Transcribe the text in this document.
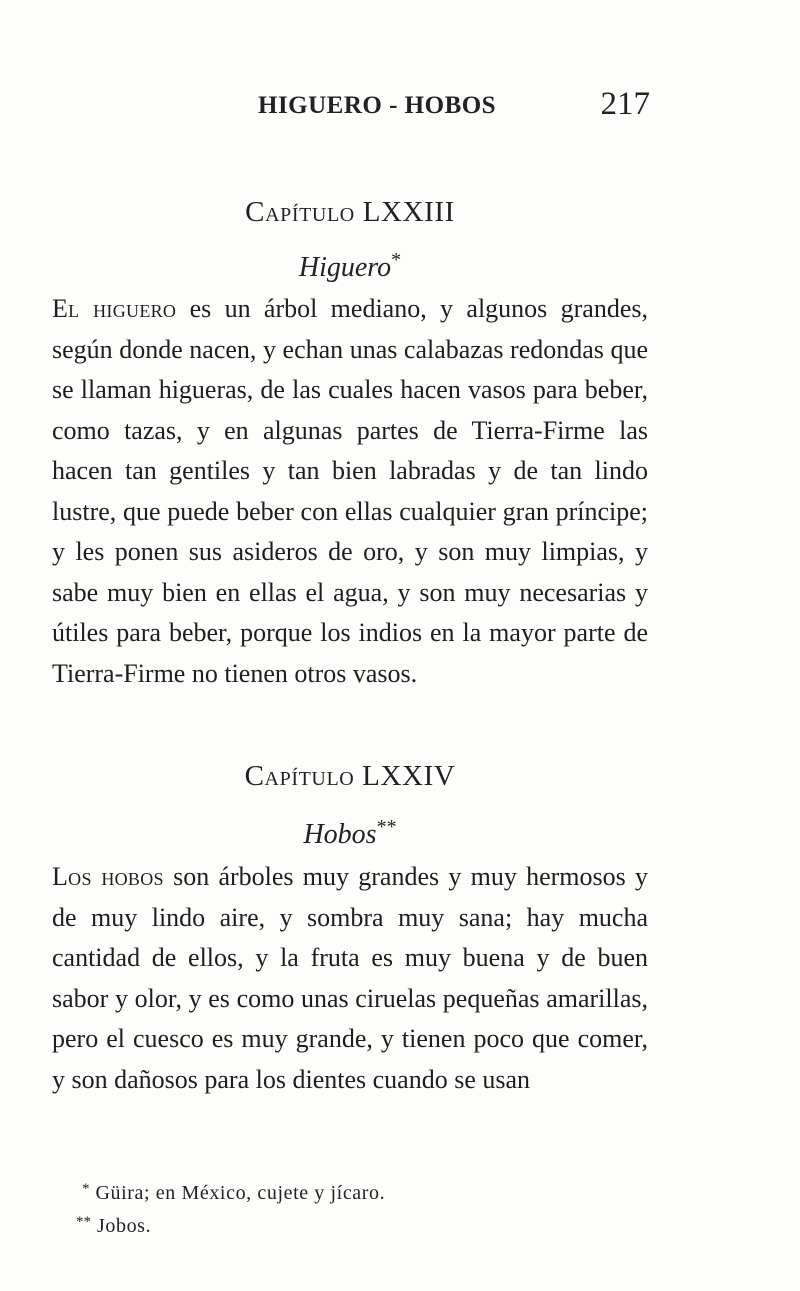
HIGUERO - HOBOS	217

Capítulo LXXIII

Higuero*

El higuero es un árbol mediano, y algunos grandes, según donde nacen, y echan unas calabazas redondas que se llaman higueras, de las cuales hacen vasos para beber, como tazas, y en algunas partes de Tierra-Firme las hacen tan gentiles y tan bien labradas y de tan lindo lustre, que puede beber con ellas cualquier gran príncipe; y les ponen sus asideros de oro, y son muy limpias, y sabe muy bien en ellas el agua, y son muy necesarias y útiles para beber, porque los indios en la mayor parte de Tierra-Firme no tienen otros vasos.

Capítulo LXXIV

Hobos**

Los hobos son árboles muy grandes y muy hermosos y de muy lindo aire, y sombra muy sana; hay mucha cantidad de ellos, y la fruta es muy buena y de buen sabor y olor, y es como unas ciruelas pequeñas amarillas, pero el cuesco es muy grande, y tienen poco que comer, y son dañosos para los dientes cuando se usan

* Güira; en México, cujete y jícaro.
** Jobos.
